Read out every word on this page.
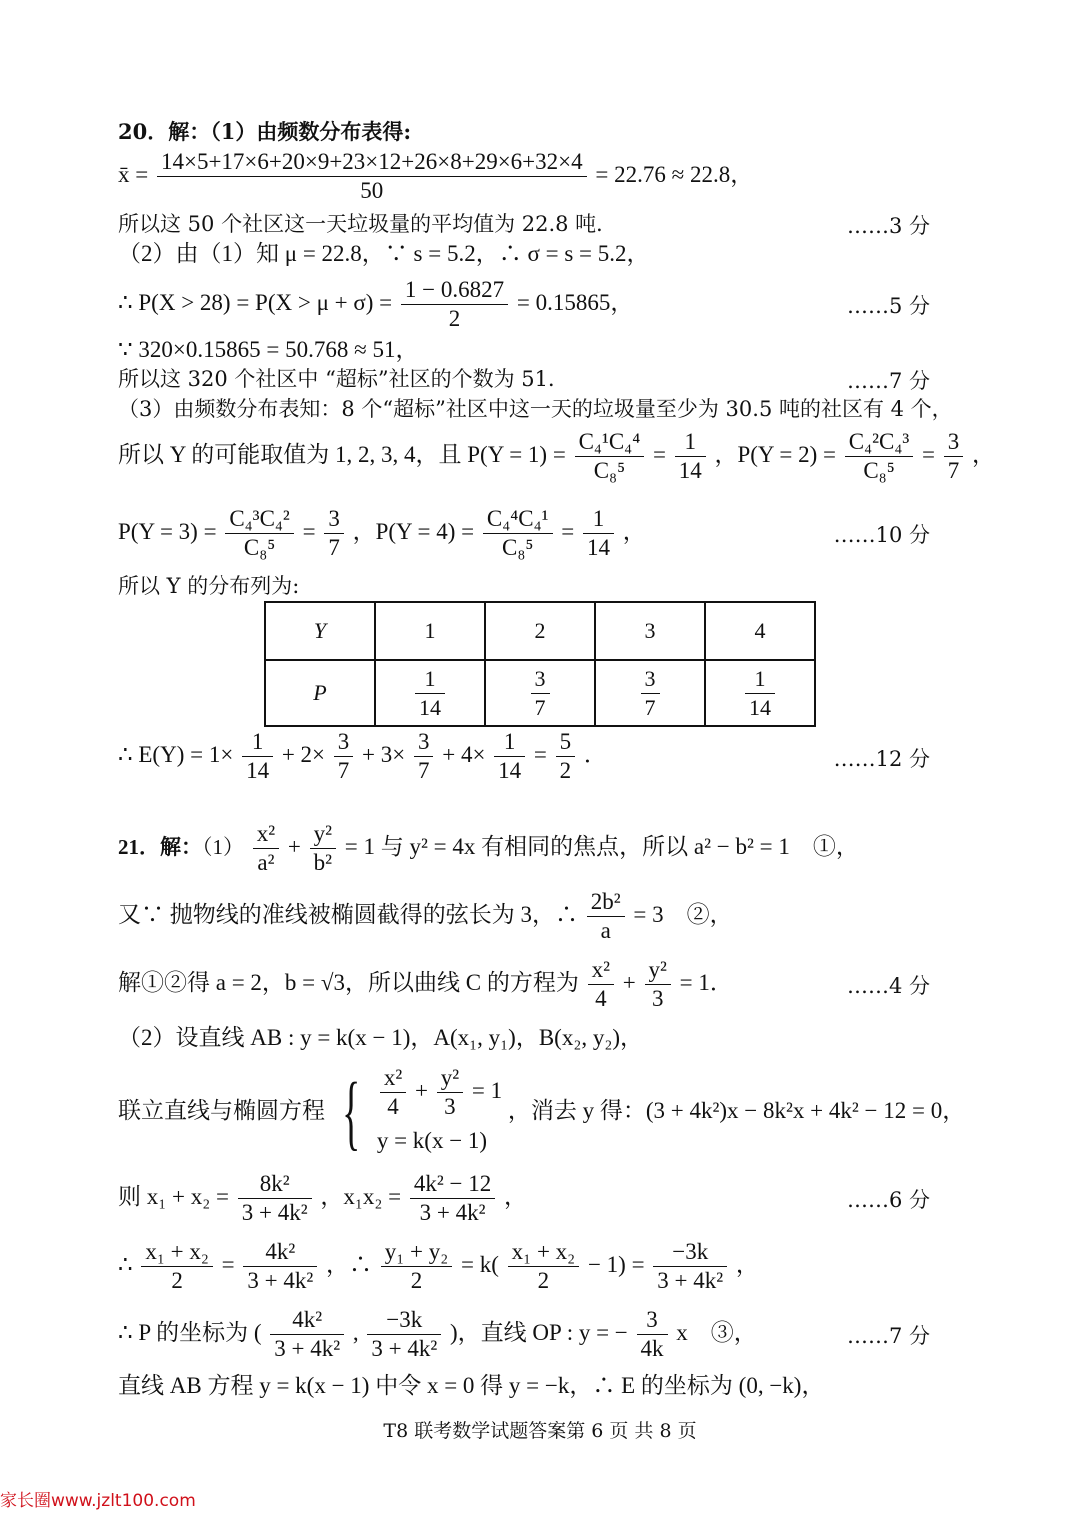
20．解：（1）由频数分布表得:
x̄ = $\frac{14\times 5+17\times 6+20\times 9+23\times 12+26\times 8+29\times 6+32\times 4}{50} = 22.76 \approx 22.8$，
所以这 50 个社区这一天垃圾量的平均值为 22.8 吨．	……3 分
（2）由（1）知 μ = 22.8，∵ s = 5.2，∴ σ = s = 5.2，
∴ $P(X > 28) = P(X > \mu + \sigma) = \frac{1 - 0.6827}{2} = 0.15865$，	……5 分
∵ 320×0.15865 = 50.768 ≈ 51，
所以这 320 个社区中 “超标”社区的个数为 51．	……7 分
（3）由频数分布表知：8 个“超标”社区中这一天的垃圾量至少为 30.5 吨的社区有 4 个，
所以 Y 的可能取值为 1, 2, 3, 4，且 $P(Y = 1) = \frac{\text{C₄¹C₄⁴}}{\text{C₈⁵}} = \frac{1}{14}$ ，$P(Y = 2) = \frac{\text{C₄²C₄³}}{\text{C₈⁵}} = \frac{3}{7}$ ，
$P(Y = 3) = \frac{\text{C₄³C₄²}}{\text{C₈⁵}} = \frac{3}{7}$ ，$P(Y = 4) = \frac{\text{C₄⁴C₄¹}}{\text{C₈⁵}} = \frac{1}{14}$ ，	……10 分
所以 Y 的分布列为:
Y	1	2	3	4
P	$\frac{1}{14}$	$\frac{3}{7}$	$\frac{3}{7}$	$\frac{1}{14}$
∴ $E(Y) = 1\times \frac{1}{14} + 2\times \frac{3}{7} + 3\times \frac{3}{7} + 4\times \frac{1}{14} = \frac{5}{2}$ ．	……12 分
21．解：$(1) \frac{\text{x²}}{\text{a²}} + \frac{\text{y²}}{\text{b²}} = 1$ 与 y² = 4x 有相同的焦点，所以 a² − b² = 1　①，
又∵ 抛物线的准线被椭圆截得的弦长为 3，∴ $\frac{\text{2b²}}{a} = 3$　②，
解①②得 a = 2，b = √3，所以曲线 C 的方程为 $\frac{\text{x²}}{4} + \frac{\text{y²}}{3} = 1$．	……4 分
（2）设直线 AB : y = k(x − 1)，A(x₁, y₁)，B(x₂, y₂)，
联立直线与椭圆方程 { $\frac{\text{x²}}{4} + \frac{\text{y²}}{3} = 1$
y = k(x − 1)
，消去 y 得：(3 + 4k²)x − 8k²x + 4k² − 12 = 0，
则 $x_1 + x_2 = \frac{\text{8k²}}{\text{3 + 4k²}}$ ，$x_1x_2 = \frac{\text{4k² − 12}}{\text{3 + 4k²}}$ ，	……6 分
∴ $\frac{\text{x₁ + x₂}}{2} = \frac{\text{4k²}}{\text{3 + 4k²}}$ ，∴ $\frac{\text{y₁ + y₂}}{2} = k( \frac{\text{x₁ + x₂}}{2} - 1) = \frac{-3k}{\text{3 + 4k²}}$ ，
∴ P 的坐标为 ( $\frac{\text{4k²}}{\text{3 + 4k²}}$ , $\frac{-3k}{\text{3 + 4k²}}$ )，直线 OP : y = − $\frac{3}{4k}$ x　③，	……7 分
直线 AB 方程 y = k(x − 1) 中令 x = 0 得 y = −k，∴ E 的坐标为 (0, −k)，
T8 联考数学试题答案第 6 页 共 8 页
家长圈www.jzlt100.com
